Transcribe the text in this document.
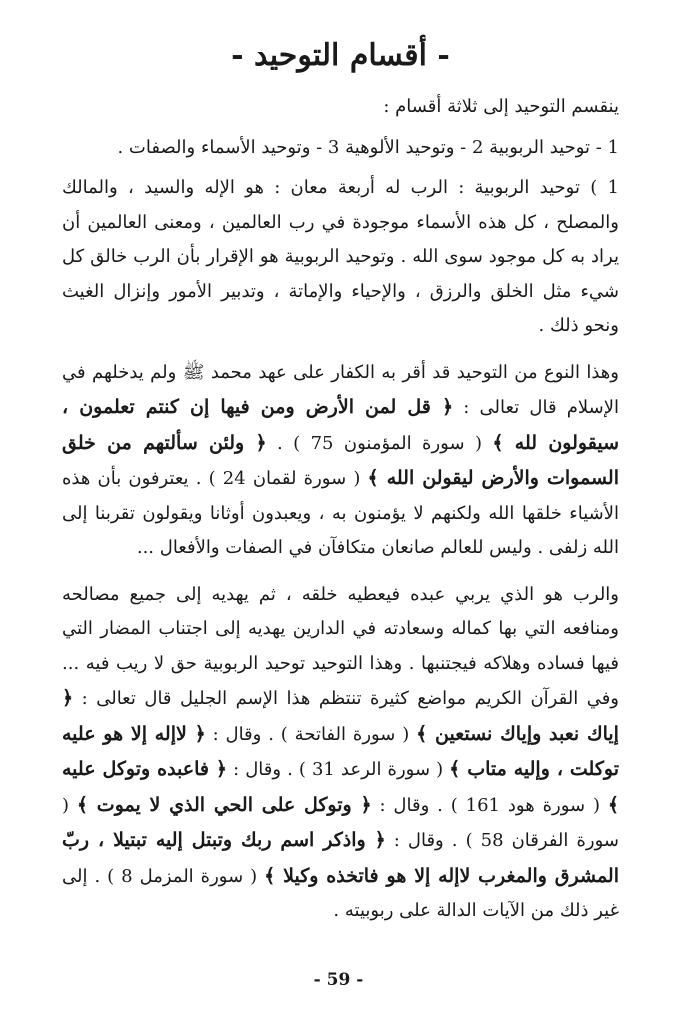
- أقسام التوحيد -

ينقسم التوحيد إلى ثلاثة أقسام :

1 - توحيد الربوبية 2 - وتوحيد الألوهية 3 - وتوحيد الأسماء والصفات .

1 ) توحيد الربوبية : الرب له أربعة معان : هو الإله والسيد ، والمالك والمصلح ، كل هذه الأسماء موجودة في رب العالمين ، ومعنى العالمين أن يراد به كل موجود سوى الله . وتوحيد الربوبية هو الإقرار بأن الرب خالق كل شيء مثل الخلق والرزق ، والإحياء والإماتة ، وتدبير الأمور وإنزال الغيث ونحو ذلك .

وهذا النوع من التوحيد قد أقر به الكفار على عهد محمد ﷺ ولم يدخلهم في الإسلام قال تعالى : ﴿ قل لمن الأرض ومن فيها إن كنتم تعلمون ، سيقولون لله ﴾ ( سورة المؤمنون 75 ) . ﴿ ولئن سألتهم من خلق السموات والأرض ليقولن الله ﴾ ( سورة لقمان 24 ) . يعترفون بأن هذه الأشياء خلقها الله ولكنهم لا يؤمنون به ، ويعبدون أوثانا ويقولون تقربنا إلى الله زلفى . وليس للعالم صانعان متكافآن في الصفات والأفعال ...

والرب هو الذي يربي عبده فيعطيه خلقه ، ثم يهديه إلى جميع مصالحه ومنافعه التي بها كماله وسعادته في الدارين يهديه إلى اجتناب المضار التي فيها فساده وهلاكه فيجتنبها . وهذا التوحيد توحيد الربوبية حق لا ريب فيه ... وفي القرآن الكريم مواضع كثيرة تنتظم هذا الإسم الجليل قال تعالى : ﴿ إياك نعبد وإياك نستعين ﴾ ( سورة الفاتحة ) . وقال : ﴿ لاإله إلا هو عليه توكلت ، وإليه متاب ﴾ ( سورة الرعد 31 ) . وقال : ﴿ فاعبده وتوكل عليه ﴾ ( سورة هود 161 ) . وقال : ﴿ وتوكل على الحي الذي لا يموت ﴾ ( سورة الفرقان 58 ) . وقال : ﴿ واذكر اسم ربك وتبتل إليه تبتيلا ، ربّ المشرق والمغرب لاإله إلا هو فاتخذه وكيلا ﴾ ( سورة المزمل 8 ) . إلى غير ذلك من الآيات الدالة على ربوبيته .

- 59 -
